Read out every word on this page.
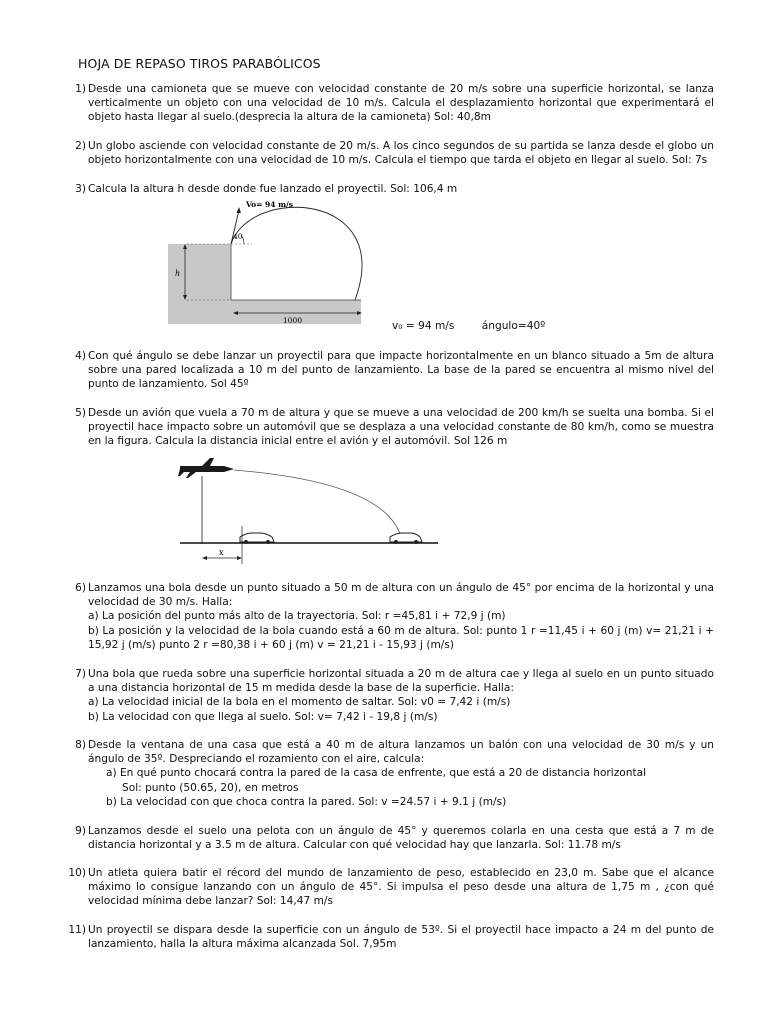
HOJA DE REPASO TIROS PARABÓLICOS
1) Desde una camioneta que se mueve con velocidad constante de 20 m/s sobre una superficie horizontal, se lanza verticalmente un objeto con una velocidad de 10 m/s. Calcula el desplazamiento horizontal que experimentará el objeto hasta llegar al suelo.(desprecia la altura de la camioneta) Sol: 40,8m
2) Un globo asciende con velocidad constante de 20 m/s. A los cinco segundos de su partida se lanza desde el globo un objeto horizontalmente con una velocidad de 10 m/s. Calcula el tiempo que tarda el objeto en llegar al suelo. Sol: 7s
3) Calcula la altura h desde donde fue lanzado el proyectil. Sol: 106,4 m
Vo= 94 m/s
40
h
1000	v₀ = 94 m/s	ángulo=40º
4) Con qué ángulo se debe lanzar un proyectil para que impacte horizontalmente en un blanco situado a 5m de altura sobre una pared localizada a 10 m del punto de lanzamiento. La base de la pared se encuentra al mismo nivel del punto de lanzamiento. Sol 45º
5) Desde un avión que vuela a 70 m de altura y que se mueve a una velocidad de 200 km/h se suelta una bomba. Si el proyectil hace impacto sobre un automóvil que se desplaza a una velocidad constante de 80 km/h, como se muestra en la figura. Calcula la distancia inicial entre el avión y el automóvil. Sol 126 m
x
6) Lanzamos una bola desde un punto situado a 50 m de altura con un ángulo de 45° por encima de la horizontal y una velocidad de 30 m/s. Halla:
a) La posición del punto más alto de la trayectoria. Sol: r =45,81 i + 72,9 j (m)
b) La posición y la velocidad de la bola cuando está a 60 m de altura. Sol: punto 1 r =11,45 i + 60 j (m) v= 21,21 i + 15,92 j (m/s) punto 2 r =80,38 i + 60 j (m) v = 21,21 i - 15,93 j (m/s)
7) Una bola que rueda sobre una superficie horizontal situada a 20 m de altura cae y llega al suelo en un punto situado a una distancia horizontal de 15 m medida desde la base de la superficie. Halla:
a) La velocidad inicial de la bola en el momento de saltar. Sol: v0 = 7,42 i (m/s)
b) La velocidad con que llega al suelo. Sol: v= 7,42 i - 19,8 j (m/s)
8) Desde la ventana de una casa que está a 40 m de altura lanzamos un balón con una velocidad de 30 m/s y un ángulo de 35º. Despreciando el rozamiento con el aire, calcula:
a) En qué punto chocará contra la pared de la casa de enfrente, que está a 20 de distancia horizontal
Sol: punto (50.65, 20), en metros
b) La velocidad con que choca contra la pared. Sol: v =24.57 i + 9.1 j (m/s)
9) Lanzamos desde el suelo una pelota con un ángulo de 45° y queremos colarla en una cesta que está a 7 m de distancia horizontal y a 3.5 m de altura. Calcular con qué velocidad hay que lanzarla. Sol: 11.78 m/s
10) Un atleta quiera batir el récord del mundo de lanzamiento de peso, establecido en 23,0 m. Sabe que el alcance máximo lo consigue lanzando con un ángulo de 45°. Si impulsa el peso desde una altura de 1,75 m , ¿con qué velocidad mínima debe lanzar? Sol: 14,47 m/s
11) Un proyectil se dispara desde la superficie con un ángulo de 53º. Si el proyectil hace impacto a 24 m del punto de lanzamiento, halla la altura máxima alcanzada Sol. 7,95m
